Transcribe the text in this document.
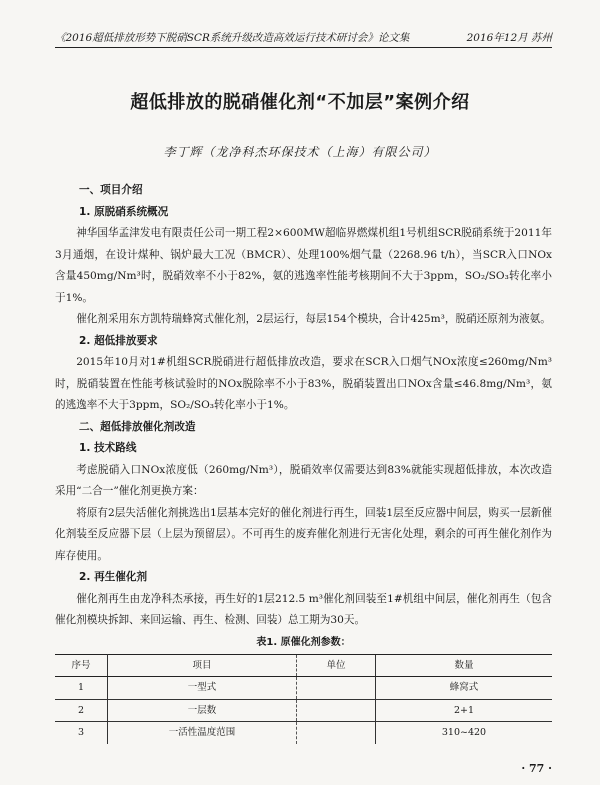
《2016超低排放形势下脱硝SCR系统升级改造高效运行技术研讨会》论文集	2016年12月 苏州
超低排放的脱硝催化剂“不加层”案例介绍
李丁辉（龙净科杰环保技术（上海）有限公司）

一、项目介绍

1. 原脱硝系统概况

神华国华孟津发电有限责任公司一期工程2×600MW超临界燃煤机组1号机组SCR脱硝系统于2011年3月通烟，在设计煤种、锅炉最大工况（BMCR）、处理100%烟气量（2268.96 t/h），当SCR入口NOx含量450mg/Nm³时，脱硝效率不小于82%，氨的逃逸率性能考核期间不大于3ppm，SO₂/SO₃转化率小于1%。

催化剂采用东方凯特瑞蜂窝式催化剂，2层运行，每层154个模块，合计425m³，脱硝还原剂为液氨。

2. 超低排放要求

2015年10月对1#机组SCR脱硝进行超低排放改造，要求在SCR入口烟气NOx浓度≤260mg/Nm³时，脱硝装置在性能考核试验时的NOx脱除率不小于83%，脱硝装置出口NOx含量≤46.8mg/Nm³，氨的逃逸率不大于3ppm，SO₂/SO₃转化率小于1%。

二、超低排放催化剂改造

1. 技术路线

考虑脱硝入口NOx浓度低（260mg/Nm³），脱硝效率仅需要达到83%就能实现超低排放，本次改造采用“二合一”催化剂更换方案：

将原有2层失活催化剂挑选出1层基本完好的催化剂进行再生，回装1层至反应器中间层，购买一层新催化剂装至反应器下层（上层为预留层）。不可再生的废弃催化剂进行无害化处理，剩余的可再生催化剂作为库存使用。

2. 再生催化剂

催化剂再生由龙净科杰承接，再生好的1层212.5 m³催化剂回装至1#机组中间层，催化剂再生（包含催化剂模块拆卸、来回运输、再生、检测、回装）总工期为30天。

表1. 原催化剂参数：

序号	项目	单位	数量
1	一型式		蜂窝式
2	一层数		2+1
3	一活性温度范围		310~420
· 77 ·
